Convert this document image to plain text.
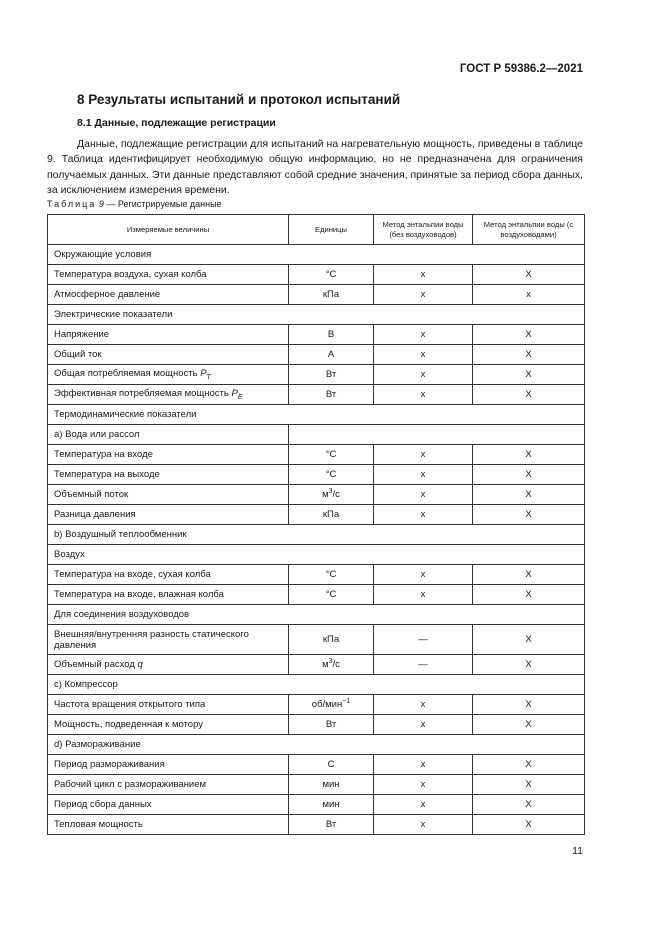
ГОСТ Р 59386.2—2021
8 Результаты испытаний и протокол испытаний
8.1 Данные, подлежащие регистрации
Данные, подлежащие регистрации для испытаний на нагревательную мощность, приведены в таблице 9. Таблица идентифицирует необходимую общую информацию, но не предназначена для ограничения получаемых данных. Эти данные представляют собой средние значения, принятые за период сбора данных, за исключением измерения времени.
Таблица 9 — Регистрируемые данные
Измеряемые величины	Единицы	Метод энтальпии воды (без воздуховодов)	Метод энтальпии воды (с воздуховодами)
Окружающие условия			
Температура воздуха, сухая колба	°C	x	X
Атмосферное давление	кПа	x	x
Электрические показатели			
Напряжение	В	x	X
Общий ток	А	x	X
Общая потребляемая мощность $P_T$	Вт	x	X
Эффективная потребляемая мощность $P_E$	Вт	x	X
Термодинамические показатели			
а) Вода или рассол			
Температура на входе	°C	x	X
Температура на выходе	°C	x	X
Объемный поток	$м^3/с$	x	X
Разница давления	кПа	x	X
b) Воздушный теплообменник			
Воздух			
Температура на входе, сухая колба	°C	x	X
Температура на входе, влажная колба	°C	x	X
Для соединения воздуховодов			
Внешняя/внутренняя разность статического давления	кПа	—	X
Объемный расход q	$м^3/с$	—	X
с) Компрессор			
Частота вращения открытого типа	об/мин$^{-1}$	x	X
Мощность, подведенная к мотору	Вт	x	X
d) Размораживание			
Период размораживания	С	x	X
Рабочий цикл с размораживанием	мин	x	X
Период сбора данных	мин	x	X
Тепловая мощность	Вт	x	X
11
